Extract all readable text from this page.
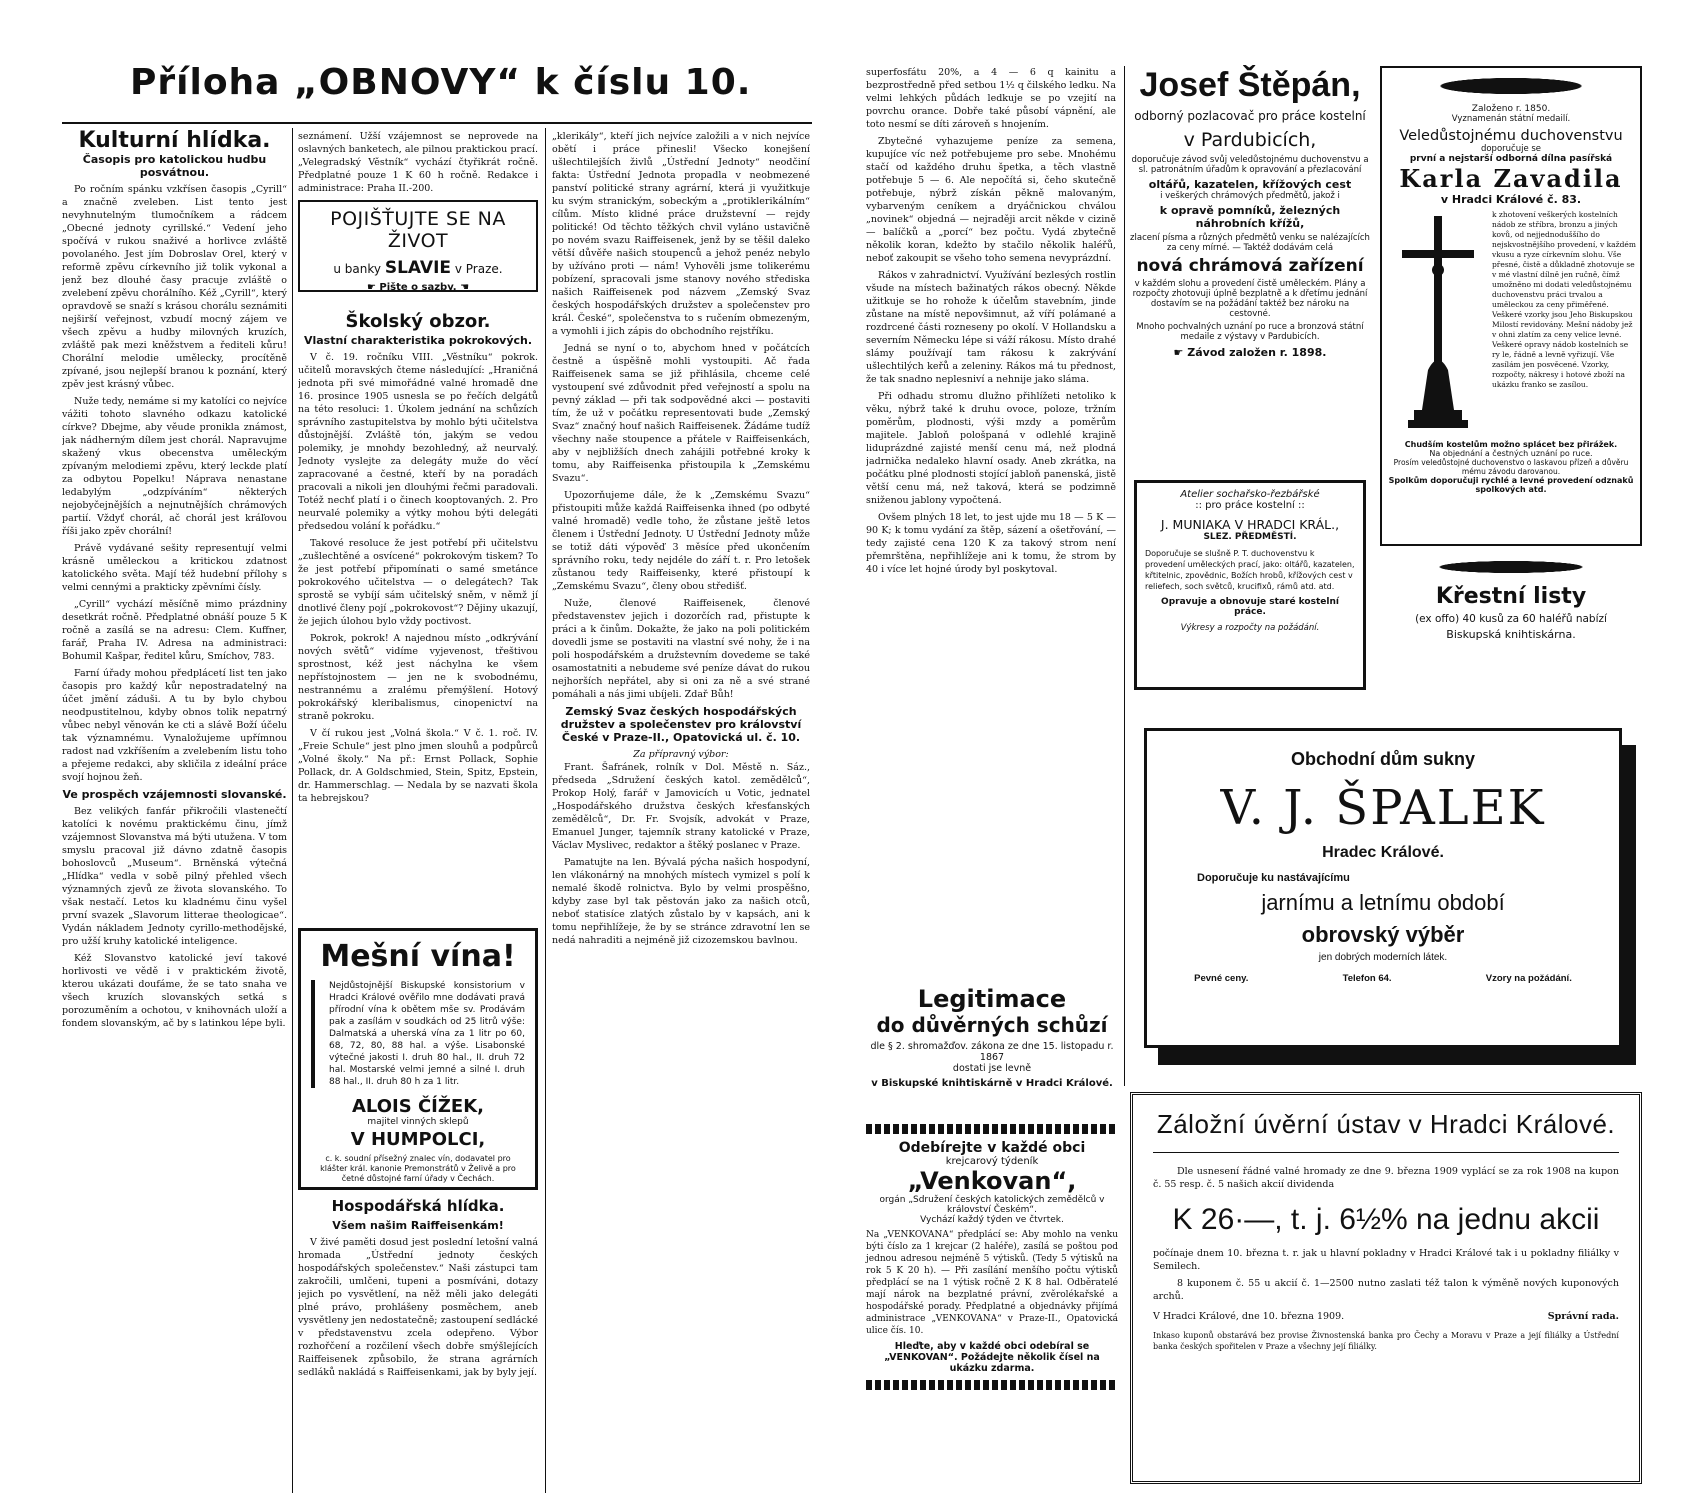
Příloha „OBNOVY“ k číslu 10.
Kulturní hlídka.
Časopis pro katolickou hudbu posvátnou.

Po ročním spánku vzkřísen časopis „Cyrill“ a značně zveleben. List tento jest nevyhnutelným tlumočníkem a rádcem „Obecné jednoty cyrillské.“ Vedení jeho spočívá v rukou snaživé a horlivce zvláště povolaného. Jest jím Dobroslav Orel, který v reformě zpěvu církevního již tolik vykonal a jenž bez dlouhé časy pracuje zvláště o zvelebení zpěvu chorálního. Kéž „Cyrill“, který opravdově se snaží s krásou chorálu seznámiti nejširší veřejnost, vzbudí mocný zájem ve všech zpěvu a hudby milovných kruzích, zvláště pak mezi kněžstvem a řediteli kůru! Chorální melodie umělecky, procítěně zpívané, jsou nejlepší branou k poznání, který zpěv jest krásný vůbec.

Nuže tedy, nemáme si my katolíci co nejvíce vážiti tohoto slavného odkazu katolické církve? Dbejme, aby věude pronikla známost, jak nádherným dílem jest chorál. Napravujme skažený vkus obecenstva uměleckým zpívaným melodiemi zpěvu, který leckde platí za odbytou Popelku! Náprava nenastane ledabylým „odzpíváním“ některých nejobyčejnějších a nejnutnějších chrámových partií. Vždyť chorál, ač chorál jest kráľovou říši jako zpěv chorální!

Právě vydávané sešity representují velmi krásně uměleckou a kritickou zdatnost katolického světa. Mají též hudební přílohy s velmi cennými a prakticky zpěvními čísly.

„Cyrill“ vychází měsíčně mimo prázdniny desetkrát ročně. Předplatné obnáší pouze 5 K ročně a zasílá se na adresu: Clem. Kuffner, farář, Praha IV. Adresa na administraci: Bohumil Kašpar, ředitel kůru, Smíchov, 783.

Farní úřady mohou předplácetí list ten jako časopis pro každý kůr nepostradatelný na účet jmění záduši. A tu by bylo chybou neodpustitelnou, kdyby obnos tolik nepatrný vůbec nebyl věnován ke cti a slávě Boží účelu tak významnému. Vynaložujeme upřímnou radost nad vzkříšením a zvelebením listu toho a přejeme redakci, aby skličila z ideální práce svojí hojnou žeň.

Ve prospěch vzájemnosti slovanské.

Bez velikých fanfár přikročili vlastenečtí katolíci k novému praktickému činu, jímž vzájemnost Slovanstva má býti utužena. V tom smyslu pracoval již dávno zdatně časopis bohoslovců „Museum“. Brněnská výtečná „Hlídka“ vedla v sobě pilný přehled všech významných zjevů ze života slovanského. To však nestačí. Letos ku kladnému činu vyšel první svazek „Slavorum litterae theologicae“. Vydán nákladem Jednoty cyrillo-methodějské, pro užší kruhy katolické inteligence.

Kéž Slovanstvo katolické jeví takové horlivosti ve vědě i v praktickém životě, kterou ukázati doufáme, že se tato snaha ve všech kruzích slovanských setká s porozuměním a ochotou, v knihovnách uloží a fondem slovanským, ač by s latinkou lépe byli.

seznámení. Užší vzájemnost se neprovede na oslavných banketech, ale pilnou praktickou prací. „Velegradský Věstník“ vychází čtyřikrát ročně. Předplatné pouze 1 K 60 h ročně. Redakce i administrace: Praha II.-200.

Školský obzor.
Vlastní charakteristika pokrokových.

V č. 19. ročníku VIII. „Věstníku“ pokrok. učitelů moravských čteme následující: „Hraničná jednota při své mimořádné valné hromadě dne 16. prosince 1905 usnesla se po řečích delgátů na této resoluci: 1. Úkolem jednání na schůzích správního zastupitelstva by mohlo býti učitelstva důstojnější. Zvláště tón, jakým se vedou polemiky, je mnohdy bezohledný, až neurvalý. Jednoty vyslejte za delegáty muže do věcí zapracované a čestné, kteří by na poradách pracovali a nikoli jen dlouhými řečmi paradovali. Totéž nechť platí i o činech kooptovaných. 2. Pro neurvalé polemiky a výtky mohou býti delegáti předsedou volání k pořádku.“

Takové resoluce že jest potřebí při učitelstvu „zušlechtěné a osvícené“ pokrokovým tiskem? To že jest potřebí připomínati o samé smetánce pokrokového učitelstva — o delegátech? Tak sprostě se vybíjí sám učitelský sněm, v němž jí dnotlivé členy pojí „pokrokovost“? Dějiny ukazují, že jejich úlohou bylo vždy poctivost.

Pokrok, pokrok! A najednou místo „odkrývání nových světů“ vidíme vyjevenost, třeštivou sprostnost, kéž jest náchylna ke všem nepřístojnostem — jen ne k svobodnému, nestrannému a zralému přemýšlení. Hotový pokrokářský kleribalismus, cinopenictví na straně pokroku.

V čí rukou jest „Volná škola.“ V č. 1. roč. IV. „Freie Schule“ jest plno jmen slouhů a podpůrců „Volné školy.“ Na př.: Ernst Pollack, Sophie Pollack, dr. A Goldschmied, Stein, Spitz, Epstein, dr. Hammerschlag. — Nedala by se nazvati škola ta hebrejskou?

POJIŠŤUJTE SE NA ŽIVOT
u banky SLAVIE v Praze.
☛ Pište o sazby. ☚
Mešní vína!
Nejdůstojnější Biskupské konsistorium v Hradci Králové ověřilo mne dodávati pravá přírodní vína k obětem mše sv. Prodávám pak a zasílám v soudkách od 25 litrů výše: Dalmatská a uherská vína za 1 litr po 60, 68, 72, 80, 88 hal. a výše. Lisabonské výtečné jakosti I. druh 80 hal., II. druh 72 hal. Mostarské velmi jemné a silné I. druh 88 hal., II. druh 80 h za 1 litr.
ALOIS ČÍŽEK,
majitel vinných sklepů
V HUMPOLCI,
c. k. soudní přísežný znalec vín, dodavatel pro klášter král. kanonie Premonstrátů v Želivě a pro četné důstojné farní úřady v Čechách.
Hospodářská hlídka.
Všem našim Raiffeisenkám!

V živé paměti dosud jest poslední letošní valná hromada „Ústřední jednoty českých hospodářských společenstev.“ Naši zástupci tam zakročili, umlčeni, tupeni a posmíváni, dotazy jejich po vysvětlení, na něž měli jako delegáti plné právo, prohlášeny posměchem, aneb vysvětleny jen nedostatečně; zastoupení sedlácké v představenstvu zcela odepřeno. Výbor rozhořčení a rozčilení všech dobře smýšlejících Raiffeisenek způsobilo, že strana agrárních sedláků nakládá s Raiffeisenkami, jak by byly její.

„klerikály“, kteří jich nejvíce založili a v nich nejvíce obětí i práce přinesli! Všecko konejšení ušlechtilejších živlů „Ústřední Jednoty“ neodčiní fakta: Ústřední Jednota propadla v neobmezené panství politické strany agrární, která ji využitkuje ku svým stranickým, sobeckým a „protiklerikálním“ cílům. Místo klidné práce družstevní — rejdy politické! Od těchto těžkých chvil vyláno ustavičně po novém svazu Raiffeisenek, jenž by se těšil daleko větší důvěře našich stoupenců a jehož penéz nebylo by užíváno proti — nám! Vyhověli jsme tolikerému pobízení, spracovali jsme stanovy nového střediska našich Raiffeisenek pod názvem „Zemský Svaz českých hospodářských družstev a společenstev pro král. České“, společenstva to s ručením obmezeným, a vymohli i jich zápis do obchodního rejstříku.

Jedná se nyní o to, abychom hned v počátcích čestně a úspěšně mohli vystoupiti. Ač řada Raiffeisenek sama se již přihlásila, chceme celé vystoupení své zdůvodnit před veřejností a spolu na pevný základ — při tak sodpovědné akci — postaviti tím, že už v počátku representovati bude „Zemský Svaz“ značný houf našich Raiffeisenek. Žádáme tudíž všechny naše stoupence a přátele v Raiffeisenkách, aby v nejbližších dnech zahájili potřebné kroky k tomu, aby Raiffeisenka přistoupila k „Zemskému Svazu“.

Upozorňujeme dále, že k „Zemskému Svazu“ přistoupiti může každá Raiffeisenka ihned (po odbyté valné hromadě) vedle toho, že zůstane ještě letos členem i Ústřední Jednoty. U Ústřední Jednoty může se totiž dáti výpověď 3 měsíce před ukončením správního roku, tedy nejdéle do září t. r. Pro letošek zůstanou tedy Raiffeisenky, které přistoupí k „Zemskému Svazu“, členy obou středišť.

Nuže, členové Raiffeisenek, členové představenstev jejich i dozorčích rad, přistupte k práci a k činům. Dokažte, že jako na poli politickém dovedli jsme se postaviti na vlastní své nohy, že i na poli hospodářském a družstevním dovedeme se také osamostatniti a nebudeme své peníze dávat do rukou nejhorších nepřátel, aby si oni za ně a své strané pomáhali a nás jimi ubíjeli. Zdař Bůh!

Zemský Svaz českých hospodářských družstev a společenstev pro království České v Praze-II., Opatovická ul. č. 10.
Za přípravný výbor:

Frant. Šafránek, rolník v Dol. Městě n. Sáz., předseda „Sdružení českých katol. zemědělců“, Prokop Holý, farář v Jamovicích u Votic, jednatel „Hospodářského družstva českých křesťanských zemědělců“, Dr. Fr. Svojsík, advokát v Praze, Emanuel Junger, tajemník strany katolické v Praze, Václav Myslivec, redaktor a štěký poslanec v Praze.

Pamatujte na len. Bývalá pýcha našich hospodyní, len vlákonárný na mnohých místech vymizel s polí k nemalé škodě rolnictva. Bylo by velmi prospěšno, kdyby zase byl tak pěstován jako za našich otců, neboť statisíce zlatých zůstalo by v kapsách, ani k tomu nepřihlížeje, že by se stránce zdravotní len se nedá nahraditi a nejméně již cizozemskou bavlnou.

superfosfátu 20%, a 4 — 6 q kainitu a bezprostředně před setbou 1½ q čilského ledku. Na velmi lehkých půdách ledkuje se po vzejití na povrchu orance. Dobře také působí vápnění, ale toto nesmí se díti zároveň s hnojením.

Zbytečné vyhazujeme peníze za semena, kupujíce víc než potřebujeme pro sebe. Mnohému stačí od každého druhu špetka, a těch vlastně potřebuje 5 — 6. Ale nepočítá si, čeho skutečně potřebuje, nýbrž získán pěkně malovaným, vybarveným ceníkem a dryáčnickou chválou „novinek“ objedná — nejraději arcit někde v cizině — balíčků a „porcí“ bez počtu. Vydá zbytečně několik koran, kdežto by stačilo několik haléřů, neboť zakoupit se všeho toho semena nevyprázdní.

Rákos v zahradnictví. Využívání bezlesých rostlin všude na místech bažinatých rákos obecný. Někde užitkuje se ho rohože k účelům stavebním, jinde zůstane na místě nepovšimnut, až víří polámané a rozdrcené části rozneseny po okolí. V Hollandsku a severním Německu lépe si váží rákosu. Místo drahé slámy používají tam rákosu k zakrývání ušlechtilých keřů a zeleniny. Rákos má tu přednost, že tak snadno neplesniví a nehnije jako sláma.

Při odhadu stromu dlužno přihlížeti netoliko k věku, nýbrž také k druhu ovoce, poloze, tržním poměrům, plodnosti, výši mzdy a poměrům majitele. Jabloň pološpaná v odlehlé krajině liduprázdné zajisté menší cenu má, než plodná jadrnička nedaleko hlavní osady. Aneb zkrátka, na počátku plné plodnosti stojící jabloň panenská, jistě větší cenu má, než taková, která se podzimně sniženou jablony vypočtená.

Ovšem plných 18 let, to jest ujde mu 18 — 5 K — 90 K; k tomu vydání za štěp, sázení a ošetřování, — tedy zajisté cena 120 K za takový strom není přemrštěna, nepřihlížeje ani k tomu, že strom by 40 i více let hojné úrody byl poskytoval.

Legitimace
do důvěrných schůzí
dle § 2. shromažďov. zákona ze dne 15. listopadu r. 1867
dostati jse levně
v Biskupské knihtiskárně v Hradci Králové.
Odebírejte v každé obci
krejcarový týdeník
„Venkovan“,
orgán „Sdružení českých katolických zemědělců v království Českém“.
Vychází každý týden ve čtvrtek.
Na „VENKOVANA“ předplácí se: Aby mohlo na venku býti číslo za 1 krejcar (2 haléře), zasílá se poštou pod jednou adresou nejméně 5 výtisků. (Tedy 5 výtisků na rok 5 K 20 h). — Při zasílání menšího počtu výtisků předplácí se na 1 výtisk ročně 2 K 8 hal. Odběratelé mají nárok na bezplatné právní, zvěrolékařské a hospodářské porady. Předplatné a objednávky přijímá administrace „VENKOVANA“ v Praze-II., Opatovická ulice čís. 10.
Hleďte, aby v každé obci odebíral se „VENKOVAN“. Požádejte několik čísel na ukázku zdarma.
Josef Štěpán,
odborný pozlacovač pro práce kostelní
v Pardubicích,
doporučuje závod svůj veledůstojnému duchovenstvu a sl. patronátním úřadům k opravování a přezlacování
oltářů, kazatelen, křížových cest
i veškerých chrámových předmětů, jakož i
k opravě pomníků, železných náhrobních křížů,
zlacení písma a různých předmětů venku se nalézajících za ceny mírné. — Taktéž dodávám celá
nová chrámová zařízení
v každém slohu a provedení čistě uměleckém. Plány a rozpočty zhotovuji úplně bezplatně a k dřetímu jednání dostavím se na požádání taktéž bez nároku na cestovné.
Mnoho pochvalných uznání po ruce a bronzová státní medaile z výstavy v Pardubicích.
☛ Závod založen r. 1898.
Atelier sochařsko-řezbářské
:: pro práce kostelní ::
J. MUNIAKA V HRADCI KRÁL.,
SLEZ. PŘEDMĚSTÍ.
Doporučuje se slušně P. T. duchovenstvu k provedení uměleckých prací, jako: oltářů, kazatelen, křtitelnic, zpovědnic, Božích hrobů, křížových cest v reliefech, soch světců, krucifixů, rámů atd. atd.
Opravuje a obnovuje staré kostelní práce.
Výkresy a rozpočty na požádání.
Založeno r. 1850.
Vyznamenán státní medailí.
Veledůstojnému duchovenstvu
doporučuje se
první a nejstarší odborná dílna pasířská
Karla Zavadila
v Hradci Králové č. 83.
k zhotovení veškerých kostelních nádob ze stříbra, bronzu a jiných kovů, od nejjednoduššího do nejskvostnějšího provedení, v každém vkusu a ryze církevním slohu. Vše přesné, čistě a důkladně zhotovuje se v mé vlastní dílně jen ručně, čímž umožněno mi dodati veledůstojnému duchovenstvu práci trvalou a uměleckou za ceny přiměřené. Veškeré vzorky jsou Jeho Biskupskou Milostí revidovány. Mešní nádoby jež v ohni zlatím za ceny velice levné. Veškeré opravy nádob kostelních se ry le, řádně a levně vyřizují. Vše zasílám jen posvěcené. Vzorky, rozpočty, nákresy i hotové zboží na ukázku franko se zasílou.
Chudším kostelům možno splácet bez přirážek.
Na objednání a čestných uznání po ruce.
Prosím veledůstojné duchovenstvo o laskavou přízeň a důvěru mému závodu darovanou.
Spolkům doporučuji rychlé a levné provedení odznaků spolkových atd.
Křestní listy
(ex offo) 40 kusů za 60 haléřů nabízí
Biskupská knihtiskárna.
Obchodní dům sukny
V. J. ŠPALEK
Hradec Králové.
Doporučuje ku nastávajícímu
jarnímu a letnímu období
obrovský výběr
jen dobrých moderních látek.
Pevné ceny.	Telefon 64.	Vzory na požádání.
Záložní úvěrní ústav v Hradci Králové.
Dle usnesení řádné valné hromady ze dne 9. března 1909 vyplácí se za rok 1908 na kupon č. 55 resp. č. 5 našich akcií dividenda
K 26·—, t. j. 6½% na jednu akcii
počínaje dnem 10. března t. r. jak u hlavní pokladny v Hradci Králové tak i u pokladny filiálky v Semilech.
8 kuponem č. 55 u akcií č. 1—2500 nutno zaslati též talon k výměně nových kuponových archů.
V Hradci Králové, dne 10. března 1909.	Správní rada.
Inkaso kuponů obstarává bez provise Živnostenská banka pro Čechy a Moravu v Praze a její filiálky a Ústřední banka českých spořitelen v Praze a všechny její filiálky.
